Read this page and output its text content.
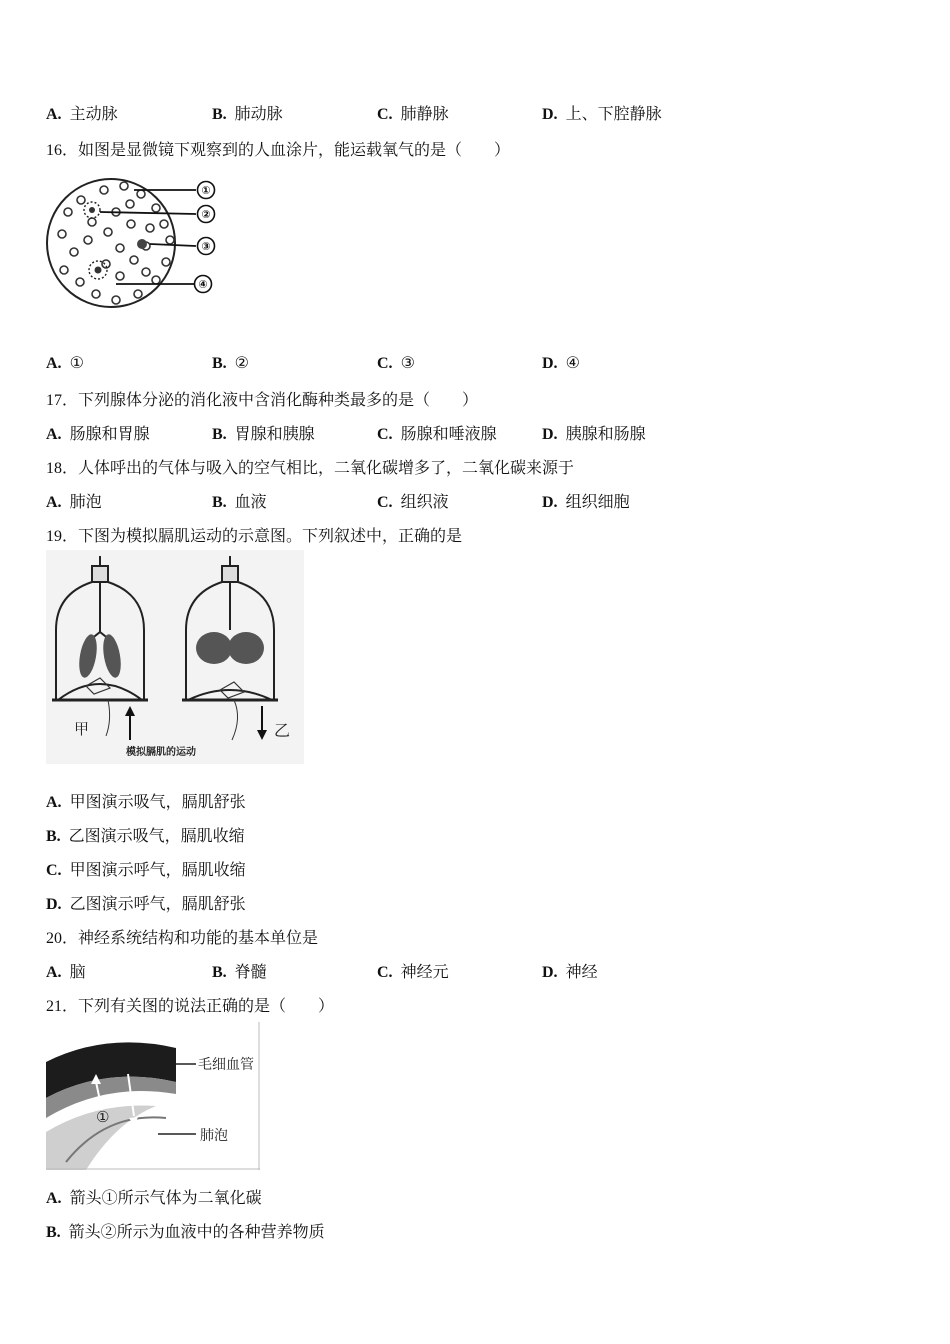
A. 主动脉	B. 肺动脉	C. 肺静脉	D. 上、下腔静脉
16．如图是显微镜下观察到的人血涂片，能运载氧气的是（　　）
①
②
③
④
A. ①	B. ②	C. ③	D. ④
17．下列腺体分泌的消化液中含消化酶种类最多的是（　　）
A. 肠腺和胃腺	B. 胃腺和胰腺	C. 肠腺和唾液腺	D. 胰腺和肠腺
18．人体呼出的气体与吸入的空气相比，二氧化碳增多了，二氧化碳来源于
A. 肺泡	B. 血液	C. 组织液	D. 组织细胞
19．下图为模拟膈肌运动的示意图。下列叙述中，正确的是
甲	乙
模拟膈肌的运动
A. 甲图演示吸气，膈肌舒张
B. 乙图演示吸气，膈肌收缩
C. 甲图演示呼气，膈肌收缩
D. 乙图演示呼气，膈肌舒张
20．神经系统结构和功能的基本单位是
A. 脑	B. 脊髓	C. 神经元	D. 神经
21．下列有关图的说法正确的是（　　）
毛细血管
肺泡
①
A. 箭头①所示气体为二氧化碳
B. 箭头②所示为血液中的各种营养物质
